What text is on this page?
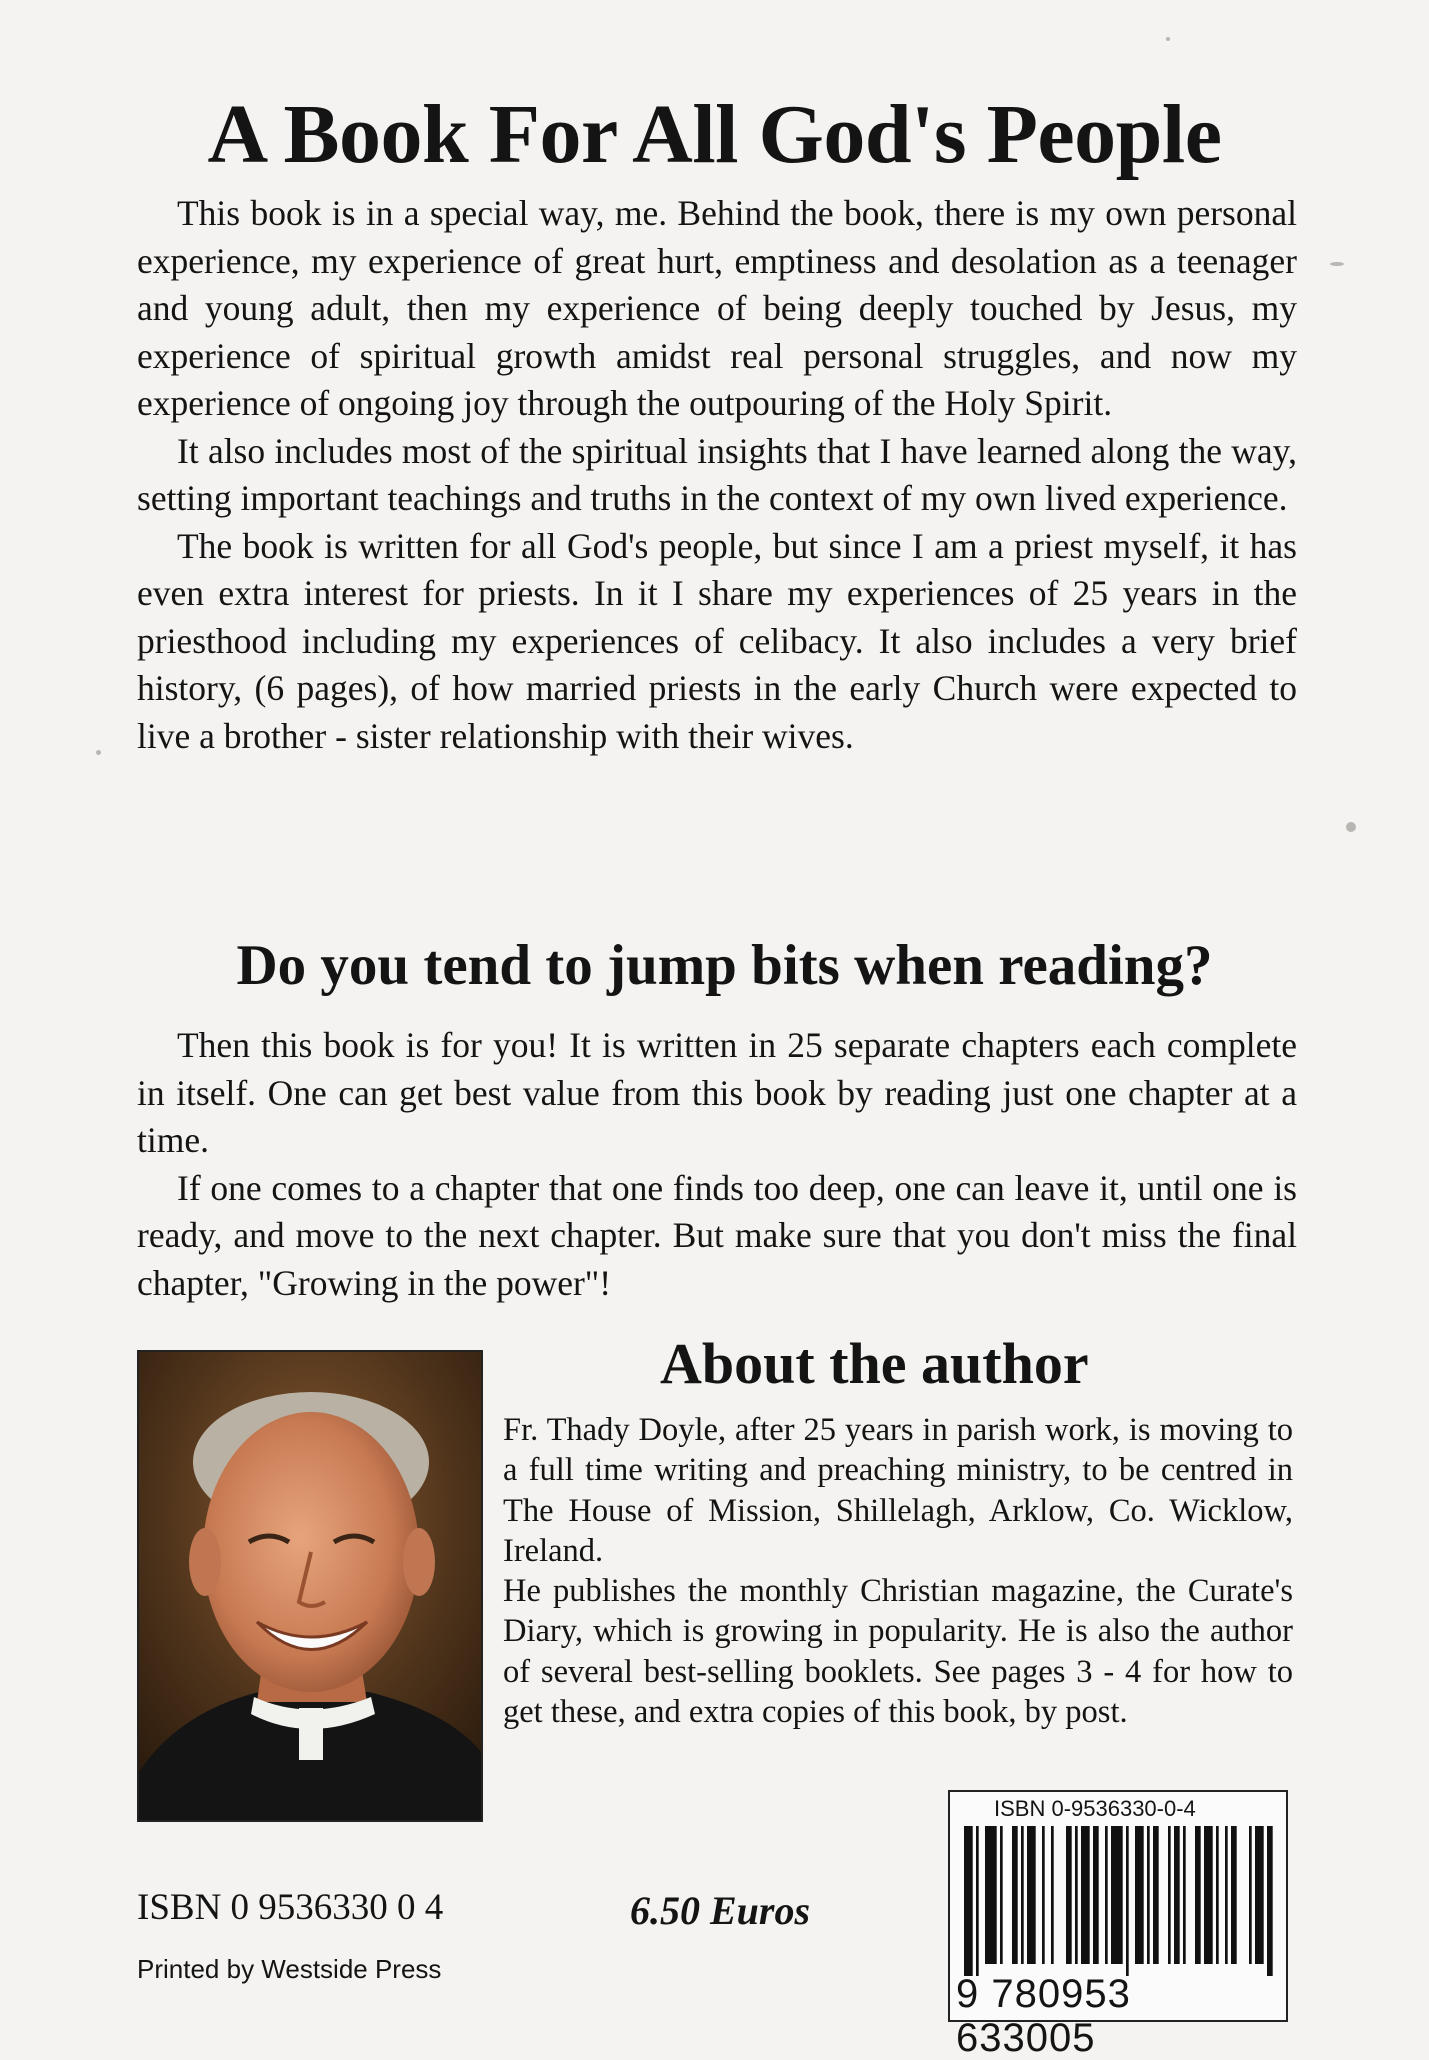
A Book For All God's People

This book is in a special way, me. Behind the book, there is my own personal experience, my experience of great hurt, emptiness and desolation as a teenager and young adult, then my experience of being deeply touched by Jesus, my experience of spiritual growth amidst real personal struggles, and now my experience of ongoing joy through the outpouring of the Holy Spirit.

It also includes most of the spiritual insights that I have learned along the way, setting important teachings and truths in the context of my own lived experience.

The book is written for all God's people, but since I am a priest myself, it has even extra interest for priests. In it I share my experiences of 25 years in the priesthood including my experiences of celibacy. It also includes a very brief history, (6 pages), of how married priests in the early Church were expected to live a brother - sister relationship with their wives.

Do you tend to jump bits when reading?

Then this book is for you! It is written in 25 separate chapters each complete in itself. One can get best value from this book by reading just one chapter at a time.

If one comes to a chapter that one finds too deep, one can leave it, until one is ready, and move to the next chapter. But make sure that you don't miss the final chapter, "Growing in the power"!

About the author

Fr. Thady Doyle, after 25 years in parish work, is moving to a full time writing and preaching ministry, to be centred in The House of Mission, Shillelagh, Arklow, Co. Wicklow, Ireland.

He publishes the monthly Christian magazine, the Curate's Diary, which is growing in popularity. He is also the author of several best-selling booklets. See pages 3 - 4 for how to get these, and extra copies of this book, by post.

ISBN 0 9536330 0 4	6.50 Euros
Printed by Westside Press
ISBN 0-9536330-0-4
9 780953 633005
